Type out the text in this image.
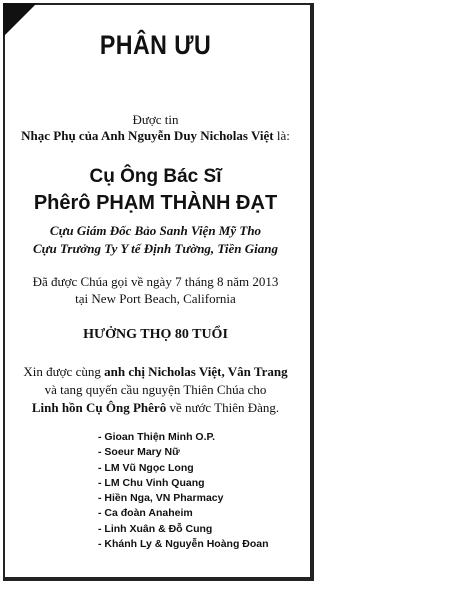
PHÂN ƯU
Được tin
Nhạc Phụ của Anh Nguyễn Duy Nicholas Việt là:
Cụ Ông Bác Sĩ
Phêrô PHẠM THÀNH ĐẠT
Cựu Giám Đốc Bảo Sanh Viện Mỹ Tho
Cựu Trưởng Ty Y tế Định Tường, Tiền Giang
Đã được Chúa gọi về ngày 7 tháng 8 năm 2013
tại New Port Beach, California
HƯỞNG THỌ 80 TUỔI
Xin được cùng anh chị Nicholas Việt, Vân Trang
và tang quyến cầu nguyện Thiên Chúa cho
Linh hồn Cụ Ông Phêrô về nước Thiên Đàng.
- Gioan Thiện Minh O.P.
- Soeur Mary Nữ
- LM Vũ Ngọc Long
- LM Chu Vinh Quang
- Hiền Nga, VN Pharmacy
- Ca đoàn Anaheim
- Linh Xuân & Đỗ Cung
- Khánh Ly & Nguyễn Hoàng Đoan
